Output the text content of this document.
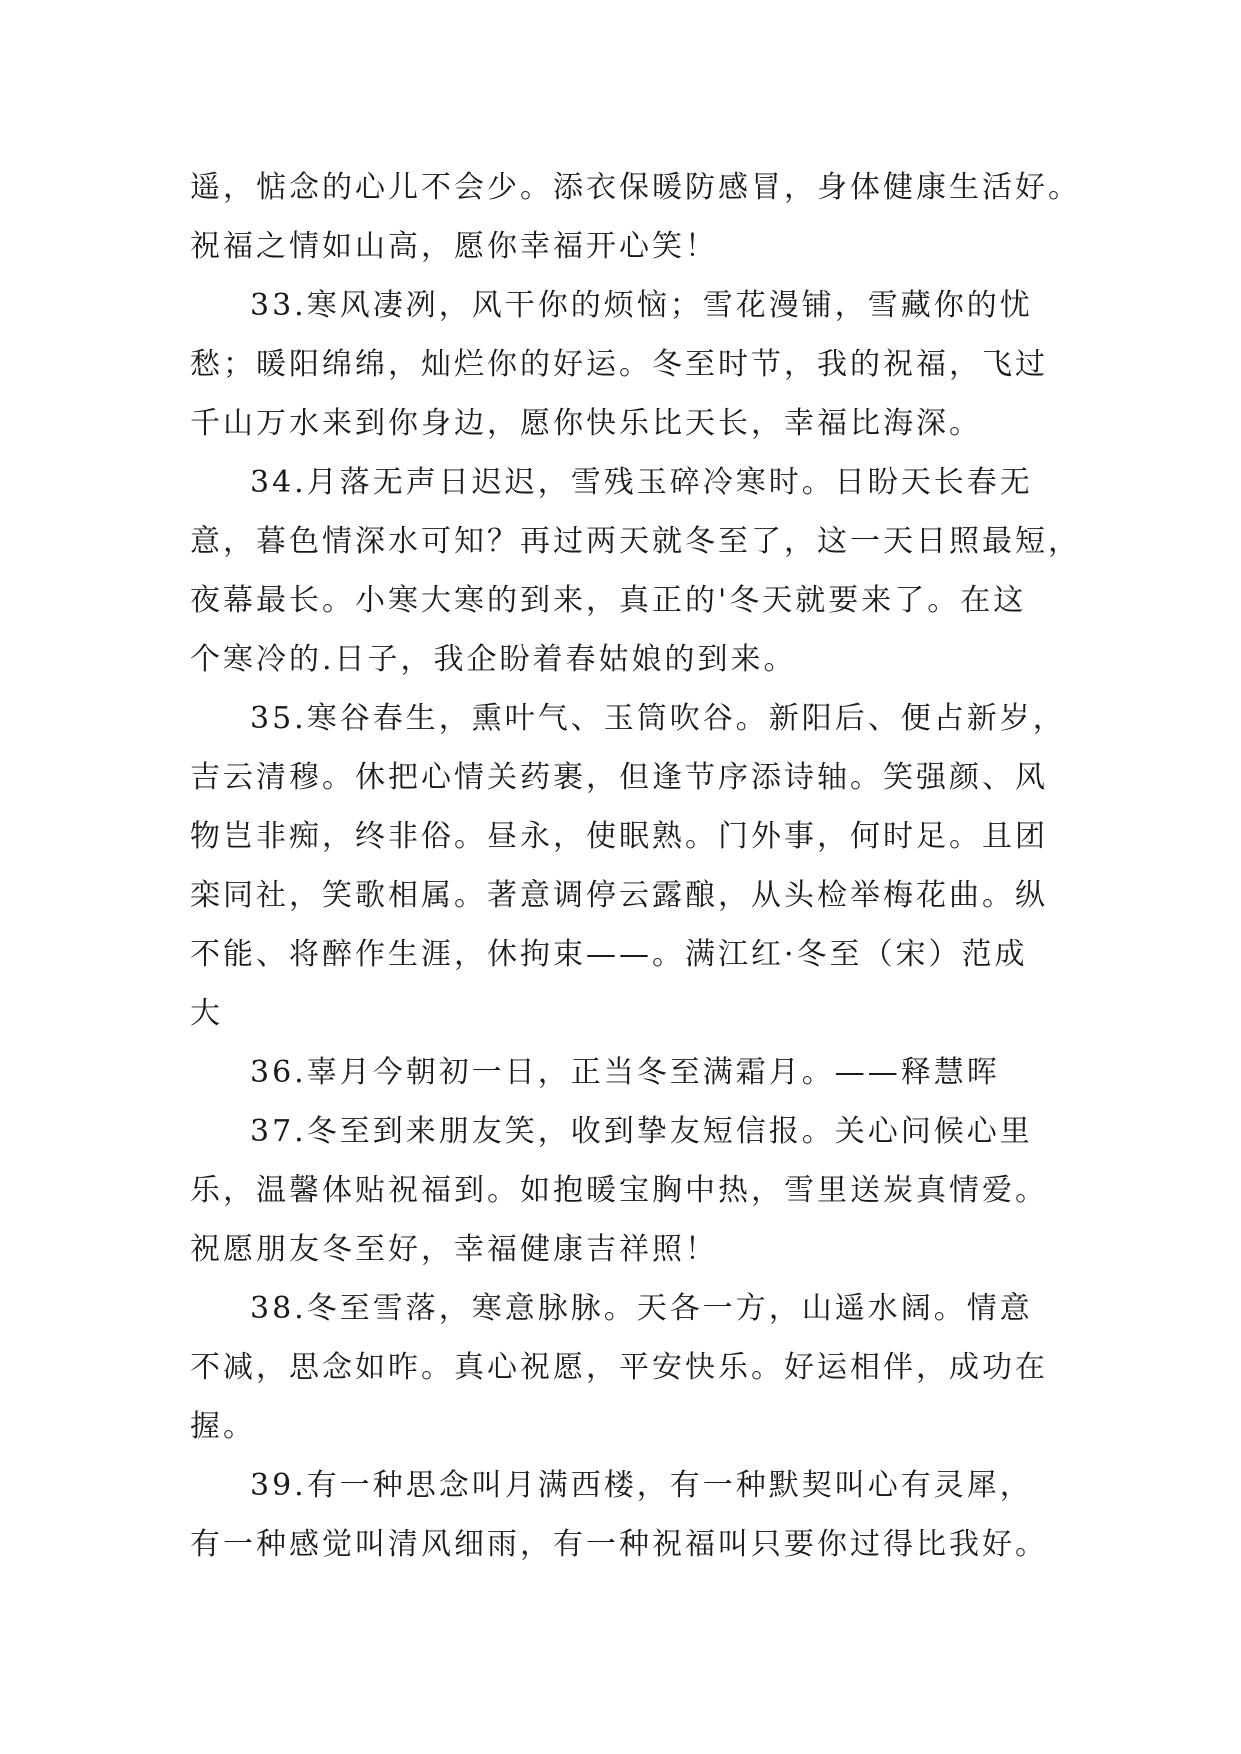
遥，惦念的心儿不会少。添衣保暖防感冒，身体健康生活好。
祝福之情如山高，愿你幸福开心笑！

33.寒风凄冽，风干你的烦恼；雪花漫铺，雪藏你的忧
愁；暖阳绵绵，灿烂你的好运。冬至时节，我的祝福，飞过
千山万水来到你身边，愿你快乐比天长，幸福比海深。

34.月落无声日迟迟，雪残玉碎冷寒时。日盼天长春无
意，暮色情深水可知？再过两天就冬至了，这一天日照最短，
夜幕最长。小寒大寒的到来，真正的'冬天就要来了。在这
个寒冷的.日子，我企盼着春姑娘的到来。

35.寒谷春生，熏叶气、玉筒吹谷。新阳后、便占新岁，
吉云清穆。休把心情关药裹，但逢节序添诗轴。笑强颜、风
物岂非痴，终非俗。昼永，使眠熟。门外事，何时足。且团
栾同社，笑歌相属。著意调停云露酿，从头检举梅花曲。纵
不能、将醉作生涯，休拘束——。满江红·冬至（宋）范成
大

36.辜月今朝初一日，正当冬至满霜月。——释慧晖

37.冬至到来朋友笑，收到挚友短信报。关心问候心里
乐，温馨体贴祝福到。如抱暖宝胸中热，雪里送炭真情爱。
祝愿朋友冬至好，幸福健康吉祥照！

38.冬至雪落，寒意脉脉。天各一方，山遥水阔。情意
不减，思念如昨。真心祝愿，平安快乐。好运相伴，成功在
握。

39.有一种思念叫月满西楼，有一种默契叫心有灵犀，
有一种感觉叫清风细雨，有一种祝福叫只要你过得比我好。
